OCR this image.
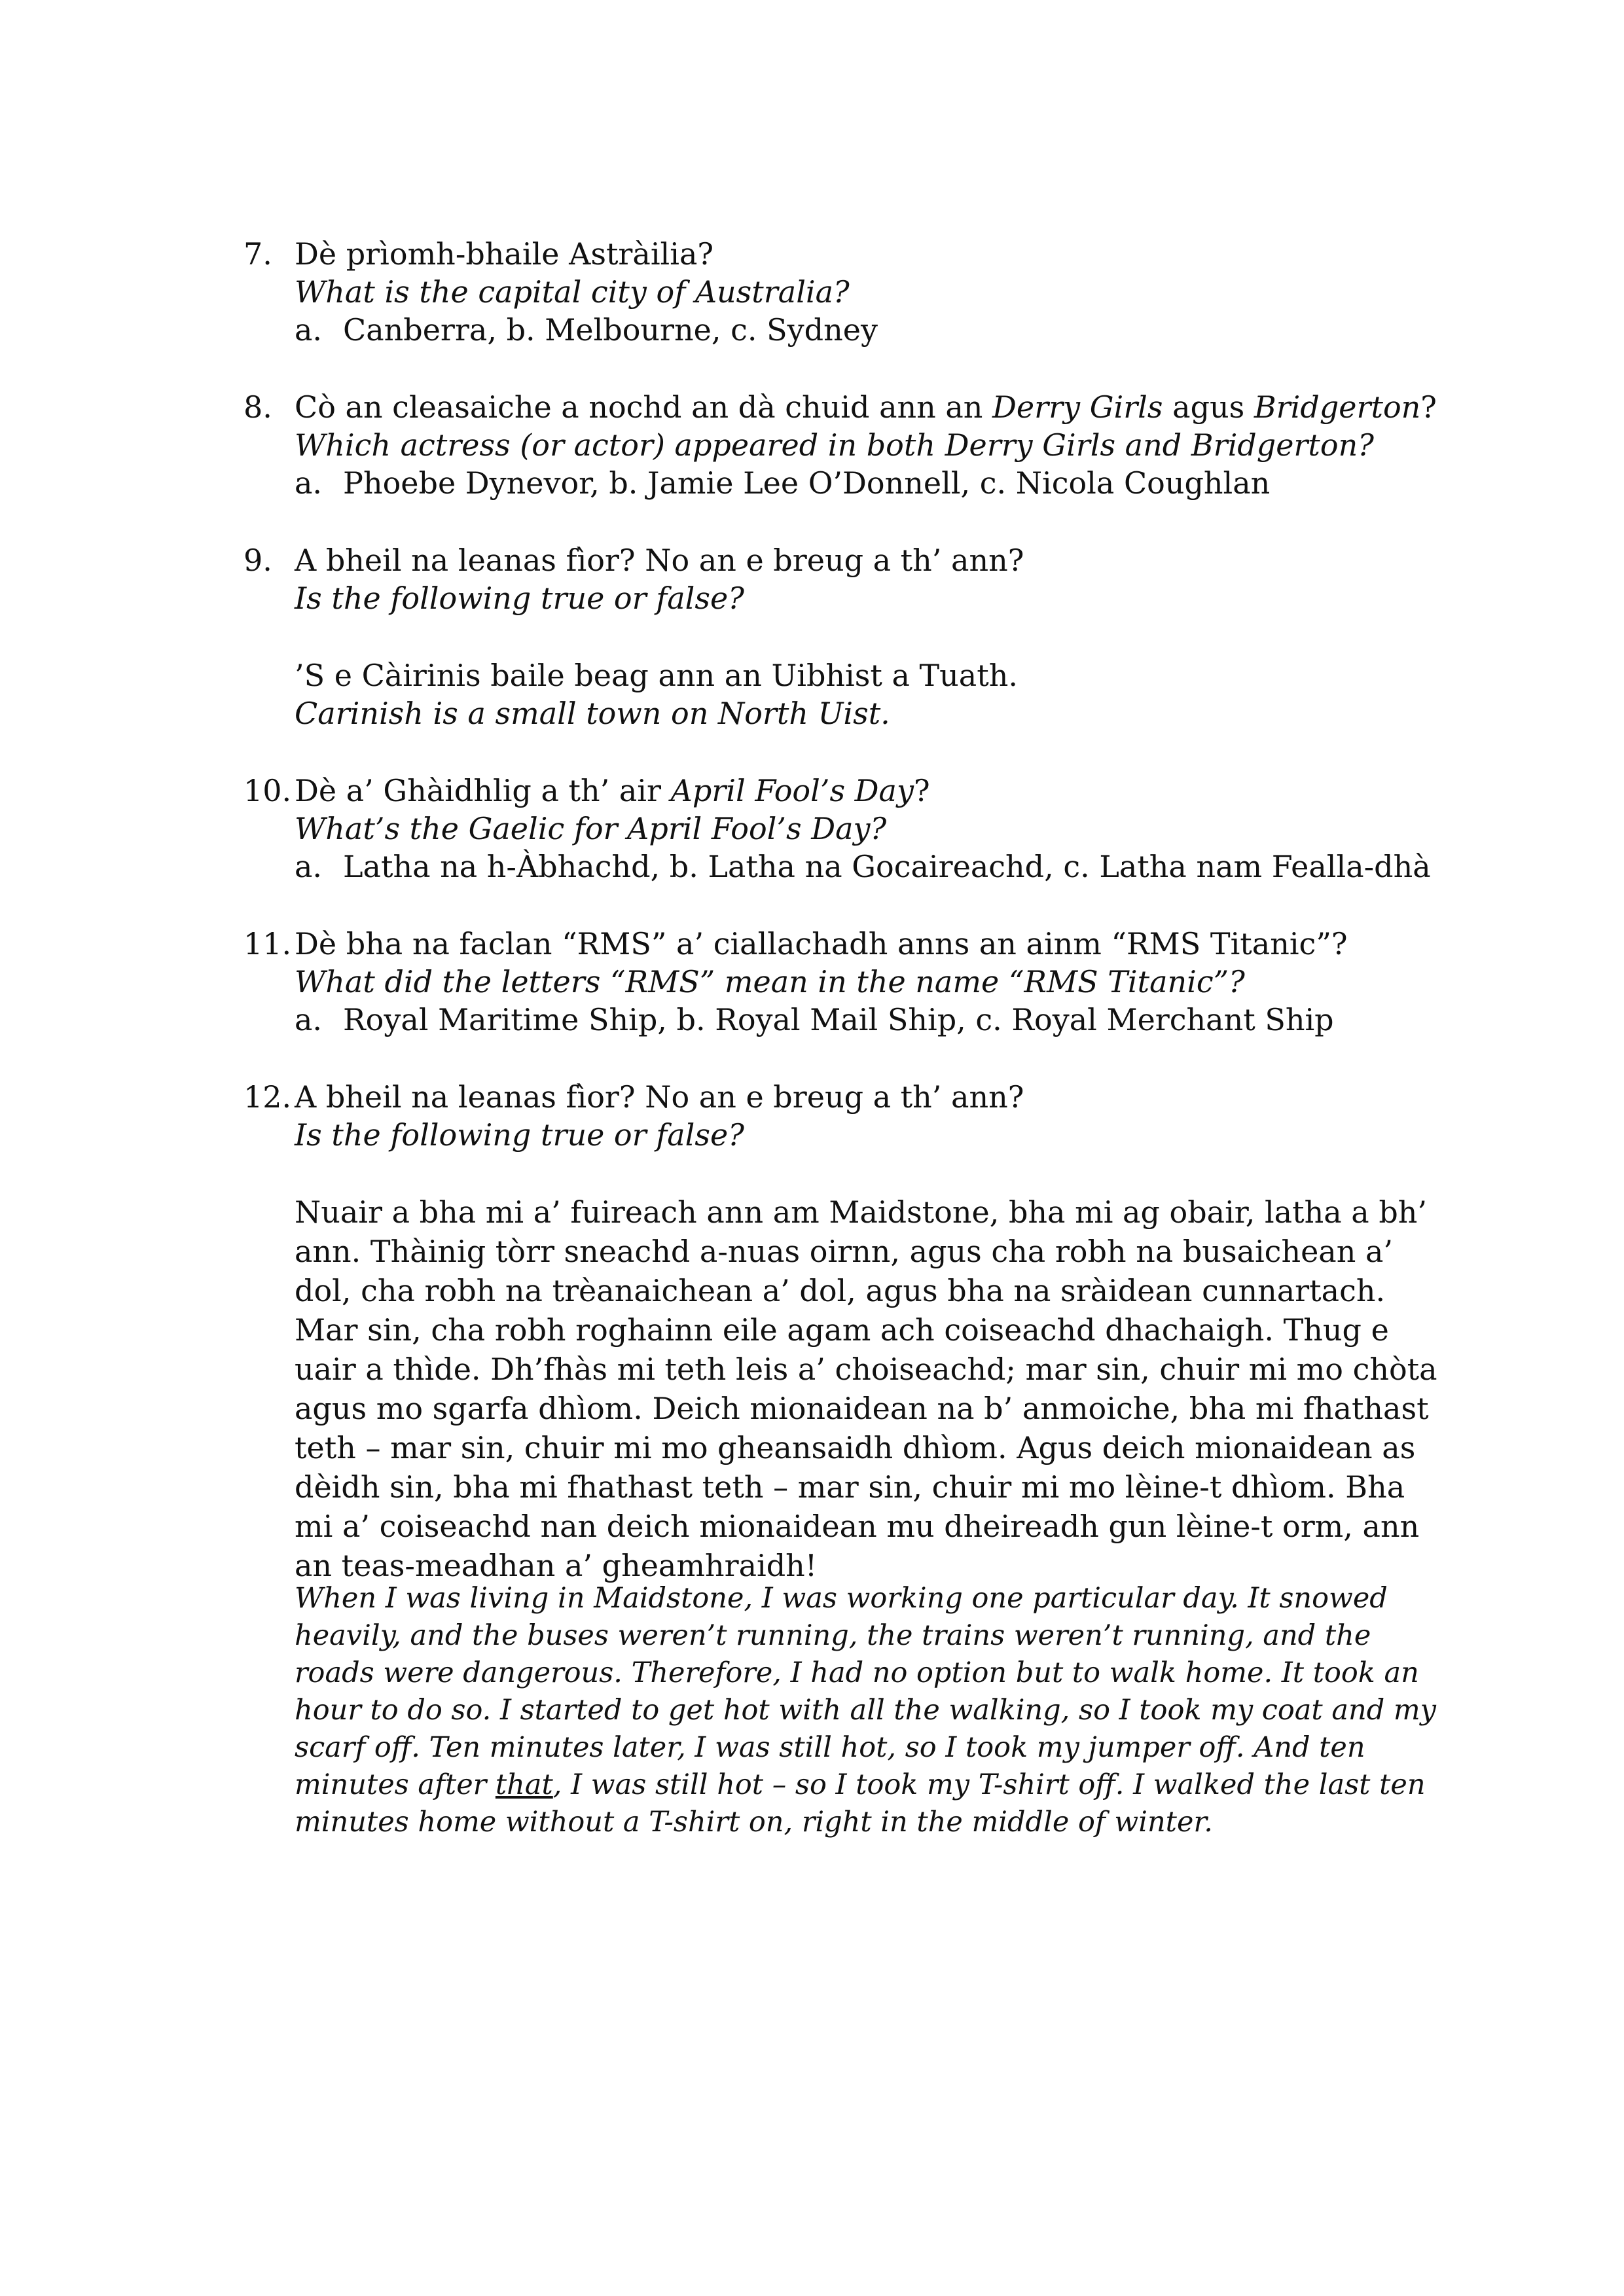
7. Dè prìomh-bhaile Astràilia?
What is the capital city of Australia?
a. Canberra, b. Melbourne, c. Sydney
8. Cò an cleasaiche a nochd an dà chuid ann an Derry Girls agus Bridgerton?
Which actress (or actor) appeared in both Derry Girls and Bridgerton?
a. Phoebe Dynevor, b. Jamie Lee O’Donnell, c. Nicola Coughlan
9. A bheil na leanas fìor? No an e breug a th’ ann?
Is the following true or false?
’S e Càirinis baile beag ann an Uibhist a Tuath.
Carinish is a small town on North Uist.
10. Dè a’ Ghàidhlig a th’ air April Fool’s Day?
What’s the Gaelic for April Fool’s Day?
a. Latha na h-Àbhachd, b. Latha na Gocaireachd, c. Latha nam Fealla-dhà
11. Dè bha na faclan “RMS” a’ ciallachadh anns an ainm “RMS Titanic”?
What did the letters “RMS” mean in the name “RMS Titanic”?
a. Royal Maritime Ship, b. Royal Mail Ship, c. Royal Merchant Ship
12. A bheil na leanas fìor? No an e breug a th’ ann?
Is the following true or false?
Nuair a bha mi a’ fuireach ann am Maidstone, bha mi ag obair, latha a bh’ ann. Thàinig tòrr sneachd a-nuas oirnn, agus cha robh na busaichean a’ dol, cha robh na trèanaichean a’ dol, agus bha na sràidean cunnartach. Mar sin, cha robh roghainn eile agam ach coiseachd dhachaigh. Thug e uair a thìde. Dh’fhàs mi teth leis a’ choiseachd; mar sin, chuir mi mo chòta agus mo sgarfa dhìom. Deich mionaidean na b’ anmoiche, bha mi fhathast teth – mar sin, chuir mi mo gheansaidh dhìom. Agus deich mionaidean as dèidh sin, bha mi fhathast teth – mar sin, chuir mi mo lèine-t dhìom. Bha mi a’ coiseachd nan deich mionaidean mu dheireadh gun lèine-t orm, ann an teas-meadhan a’ gheamhraidh!
When I was living in Maidstone, I was working one particular day. It snowed heavily, and the buses weren’t running, the trains weren’t running, and the roads were dangerous. Therefore, I had no option but to walk home. It took an hour to do so. I started to get hot with all the walking, so I took my coat and my scarf off. Ten minutes later, I was still hot, so I took my jumper off. And ten minutes after that, I was still hot – so I took my T-shirt off. I walked the last ten minutes home without a T-shirt on, right in the middle of winter.
